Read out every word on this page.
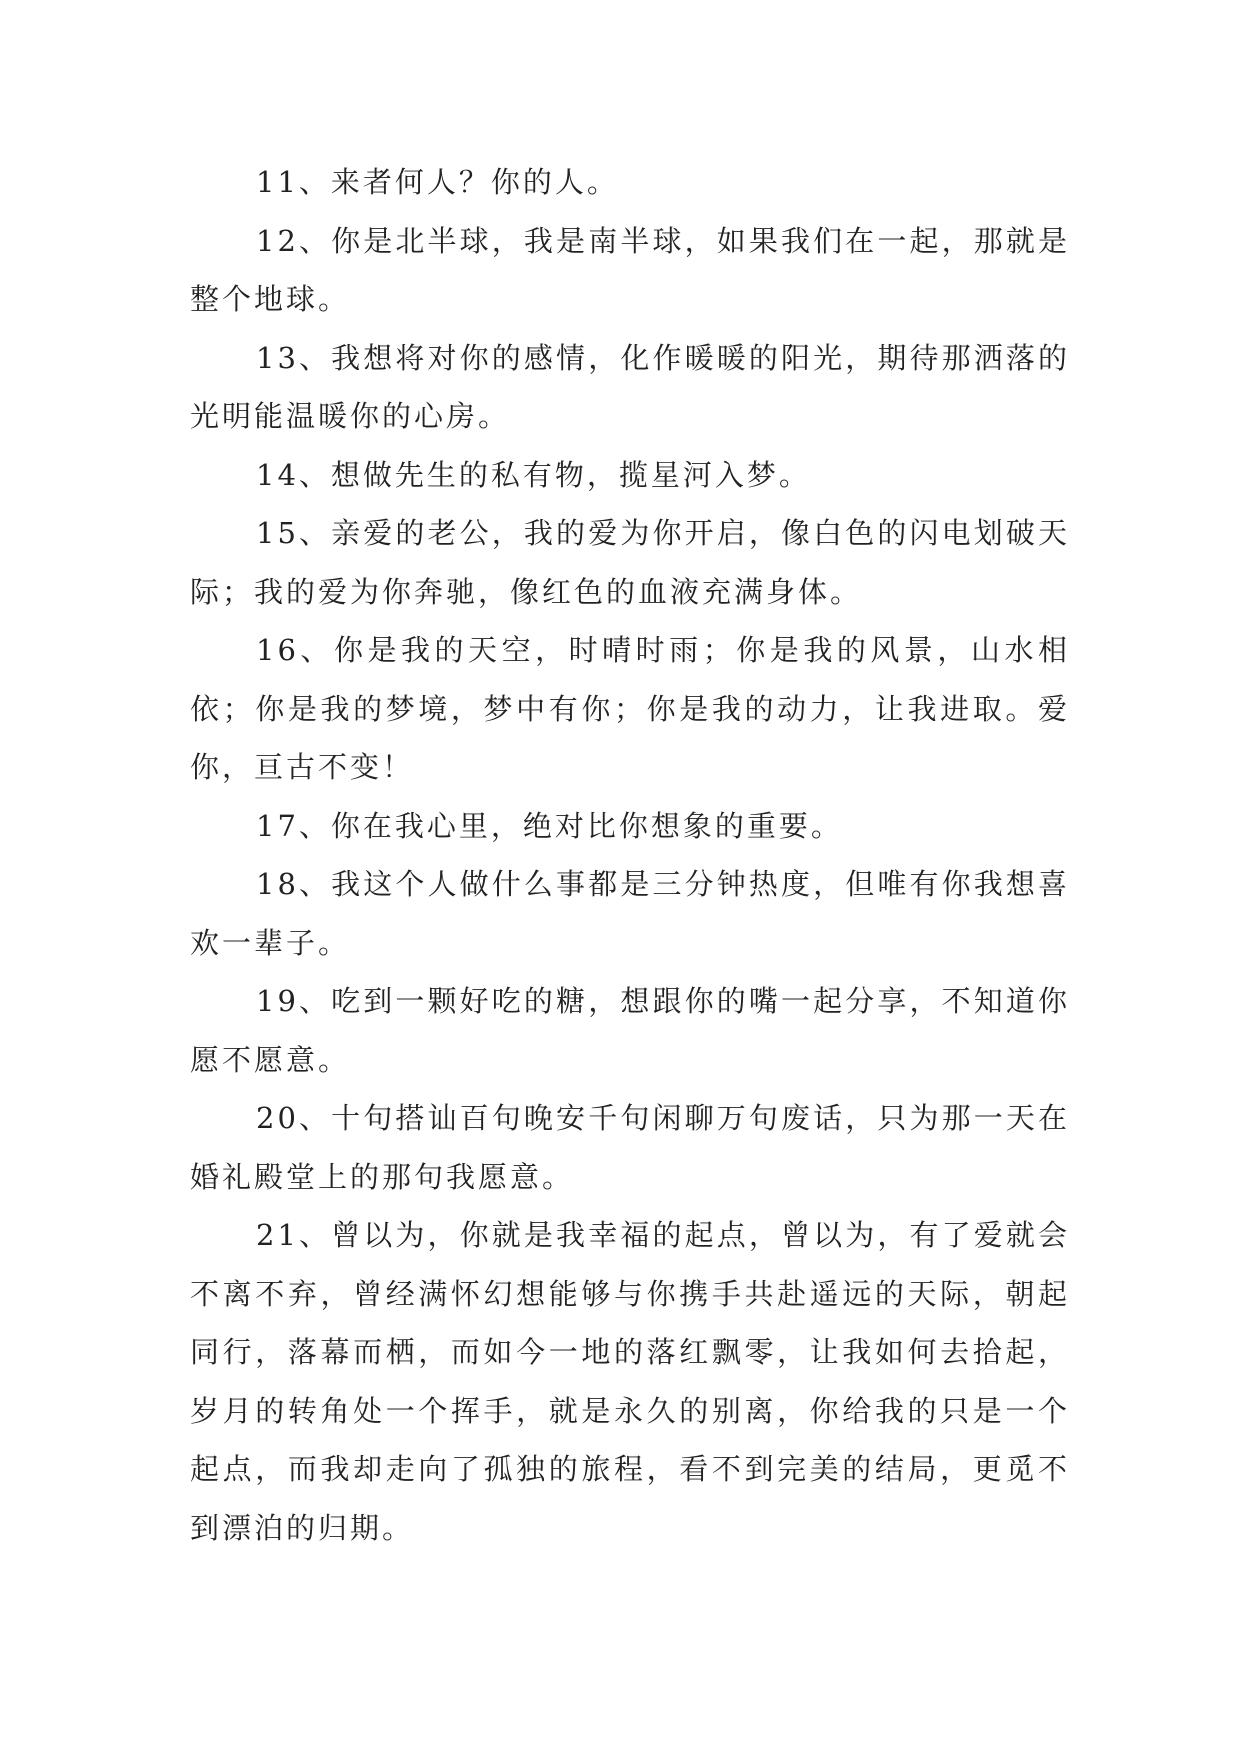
11、来者何人？你的人。

12、你是北半球，我是南半球，如果我们在一起，那就是整个地球。

13、我想将对你的感情，化作暖暖的阳光，期待那洒落的光明能温暖你的心房。

14、想做先生的私有物，揽星河入梦。

15、亲爱的老公，我的爱为你开启，像白色的闪电划破天际；我的爱为你奔驰，像红色的血液充满身体。

16、你是我的天空，时晴时雨；你是我的风景，山水相依；你是我的梦境，梦中有你；你是我的动力，让我进取。爱你，亘古不变！

17、你在我心里，绝对比你想象的重要。

18、我这个人做什么事都是三分钟热度，但唯有你我想喜欢一辈子。

19、吃到一颗好吃的糖，想跟你的嘴一起分享，不知道你愿不愿意。

20、十句搭讪百句晚安千句闲聊万句废话，只为那一天在婚礼殿堂上的那句我愿意。

21、曾以为，你就是我幸福的起点，曾以为，有了爱就会不离不弃，曾经满怀幻想能够与你携手共赴遥远的天际，朝起同行，落幕而栖，而如今一地的落红飘零，让我如何去拾起，岁月的转角处一个挥手，就是永久的别离，你给我的只是一个起点，而我却走向了孤独的旅程，看不到完美的结局，更觅不到漂泊的归期。
